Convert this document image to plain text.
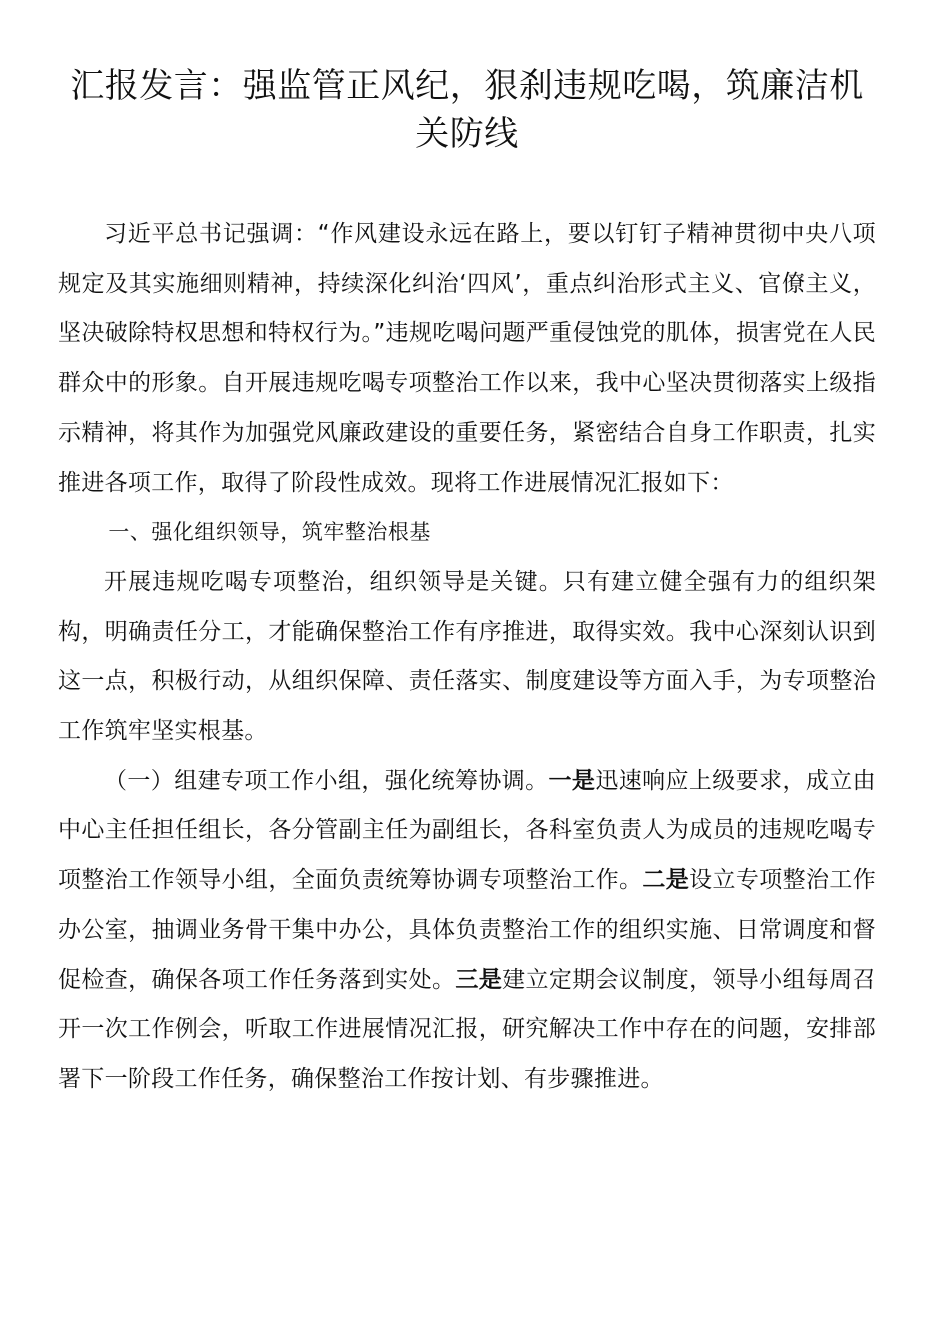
汇报发言：强监管正风纪，狠刹违规吃喝，筑廉洁机关防线

习近平总书记强调：“作风建设永远在路上，要以钉钉子精神贯彻中央八项规定及其实施细则精神，持续深化纠治‘四风’，重点纠治形式主义、官僚主义，坚决破除特权思想和特权行为。”违规吃喝问题严重侵蚀党的肌体，损害党在人民群众中的形象。自开展违规吃喝专项整治工作以来，我中心坚决贯彻落实上级指示精神，将其作为加强党风廉政建设的重要任务，紧密结合自身工作职责，扎实推进各项工作，取得了阶段性成效。现将工作进展情况汇报如下：

一、强化组织领导，筑牢整治根基

开展违规吃喝专项整治，组织领导是关键。只有建立健全强有力的组织架构，明确责任分工，才能确保整治工作有序推进，取得实效。我中心深刻认识到这一点，积极行动，从组织保障、责任落实、制度建设等方面入手，为专项整治工作筑牢坚实根基。

（一）组建专项工作小组，强化统筹协调。一是迅速响应上级要求，成立由中心主任担任组长，各分管副主任为副组长，各科室负责人为成员的违规吃喝专项整治工作领导小组，全面负责统筹协调专项整治工作。二是设立专项整治工作办公室，抽调业务骨干集中办公，具体负责整治工作的组织实施、日常调度和督促检查，确保各项工作任务落到实处。三是建立定期会议制度，领导小组每周召开一次工作例会，听取工作进展情况汇报，研究解决工作中存在的问题，安排部署下一阶段工作任务，确保整治工作按计划、有步骤推进。
